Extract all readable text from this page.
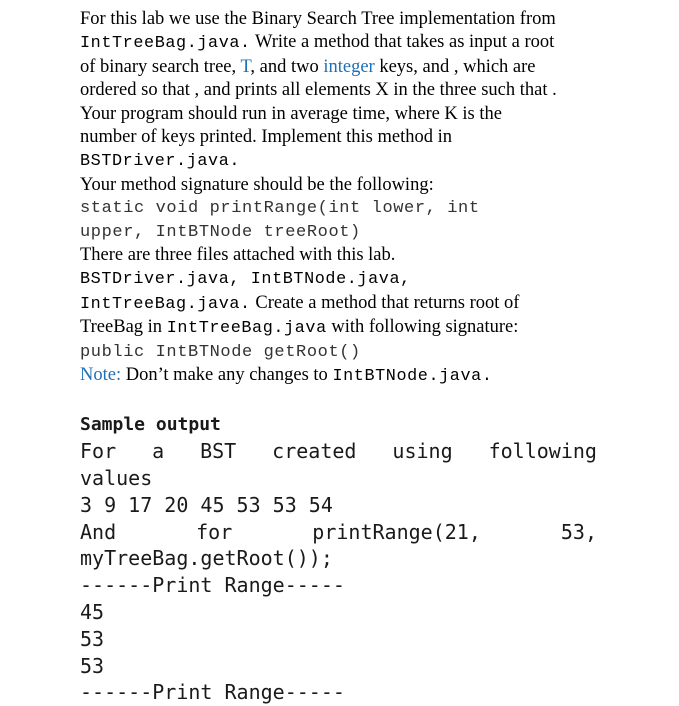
For this lab we use the Binary Search Tree implementation from
IntTreeBag.java. Write a method that takes as input a root
of binary search tree, T, and two integer keys, and , which are
ordered so that , and prints all elements X in the three such that .
Your program should run in average time, where K is the
number of keys printed. Implement this method in
BSTDriver.java.
Your method signature should be the following:
static void printRange(int lower, int
upper, IntBTNode treeRoot)
There are three files attached with this lab.
BSTDriver.java, IntBTNode.java,
IntTreeBag.java. Create a method that returns root of
TreeBag in IntTreeBag.java with following signature:
public IntBTNode getRoot()
Note: Don’t make any changes to IntBTNode.java.
Sample output
For a BST created using following
values
3 9 17 20 45 53 53 54
And	for	printRange(21,	53,
myTreeBag.getRoot());
------Print Range-----
45
53
53
------Print Range-----
